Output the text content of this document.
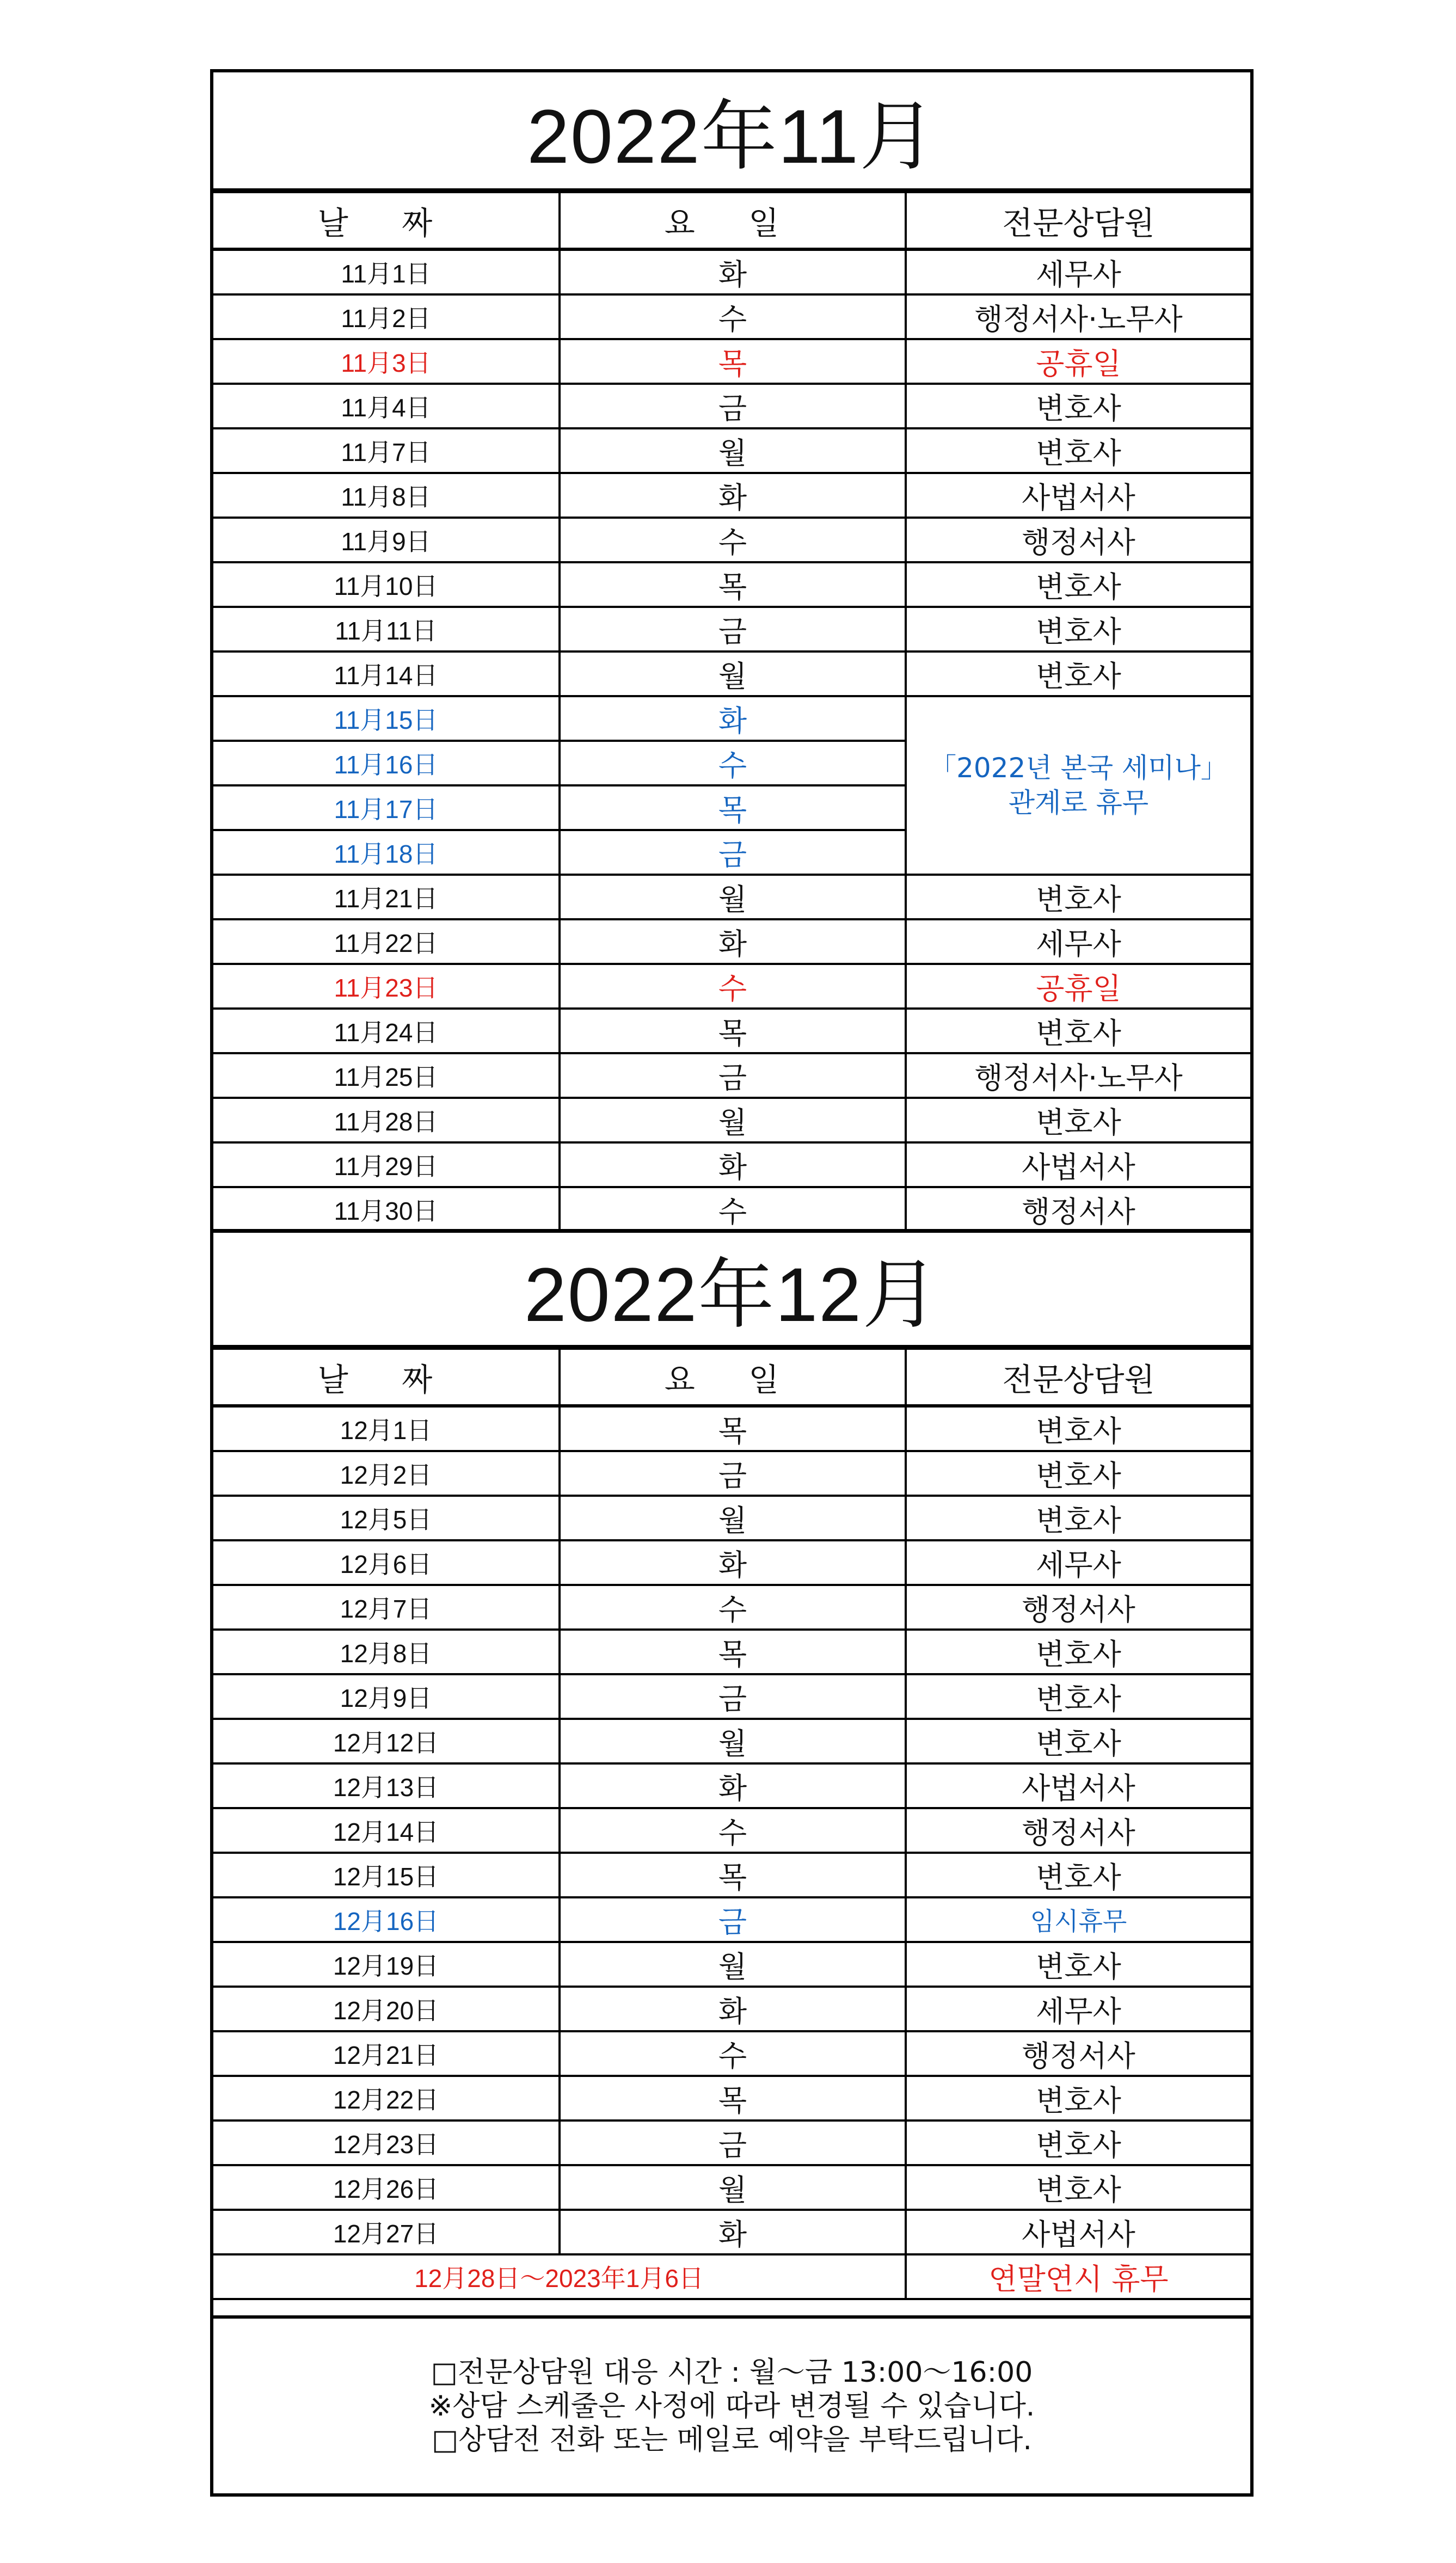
2022年11月
날 짜	요 일	전문상담원
11月1日	화	세무사
11月2日	수	행정서사·노무사
11月3日	목	공휴일
11月4日	금	변호사
11月7日	월	변호사
11月8日	화	사법서사
11月9日	수	행정서사
11月10日	목	변호사
11月11日	금	변호사
11月14日	월	변호사
11月15日	화	「2022년 본국 세미나」
관계로 휴무

11月16日	수	
11月17日	목	
11月18日	금	
11月21日	월	변호사
11月22日	화	세무사
11月23日	수	공휴일
11月24日	목	변호사
11月25日	금	행정서사·노무사
11月28日	월	변호사
11月29日	화	사법서사
11月30日	수	행정서사
2022年12月
날 짜	요 일	전문상담원
12月1日	목	변호사
12月2日	금	변호사
12月5日	월	변호사
12月6日	화	세무사
12月7日	수	행정서사
12月8日	목	변호사
12月9日	금	변호사
12月12日	월	변호사
12月13日	화	사법서사
12月14日	수	행정서사
12月15日	목	변호사
12月16日	금	임시휴무
12月19日	월	변호사
12月20日	화	세무사
12月21日	수	행정서사
12月22日	목	변호사
12月23日	금	변호사
12月26日	월	변호사
12月27日	화	사법서사
12月28日～2023年1月6日		연말연시 휴무
□전문상담원 대응 시간 : 월～금 13:00～16:00
※상담 스케줄은 사정에 따라 변경될 수 있습니다.
□상담전 전화 또는 메일로 예약을 부탁드립니다.
